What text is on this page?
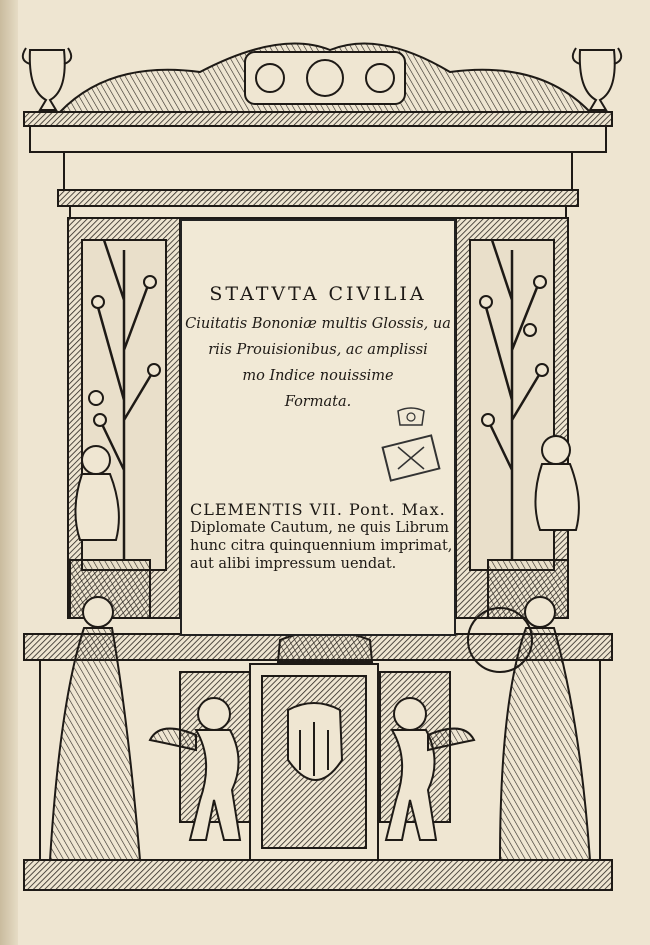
STATVTA CIVILIA
Ciuitatis Bononiæ multis Glossis, ua
riis Prouisionibus, ac amplissi
mo Indice nouissime
Formata.
CLEMENTIS VII. Pont. Max.
Diplomate Cautum, ne quis Librum
hunc citra quinquennium imprimat,
aut alibi impressum uendat.
